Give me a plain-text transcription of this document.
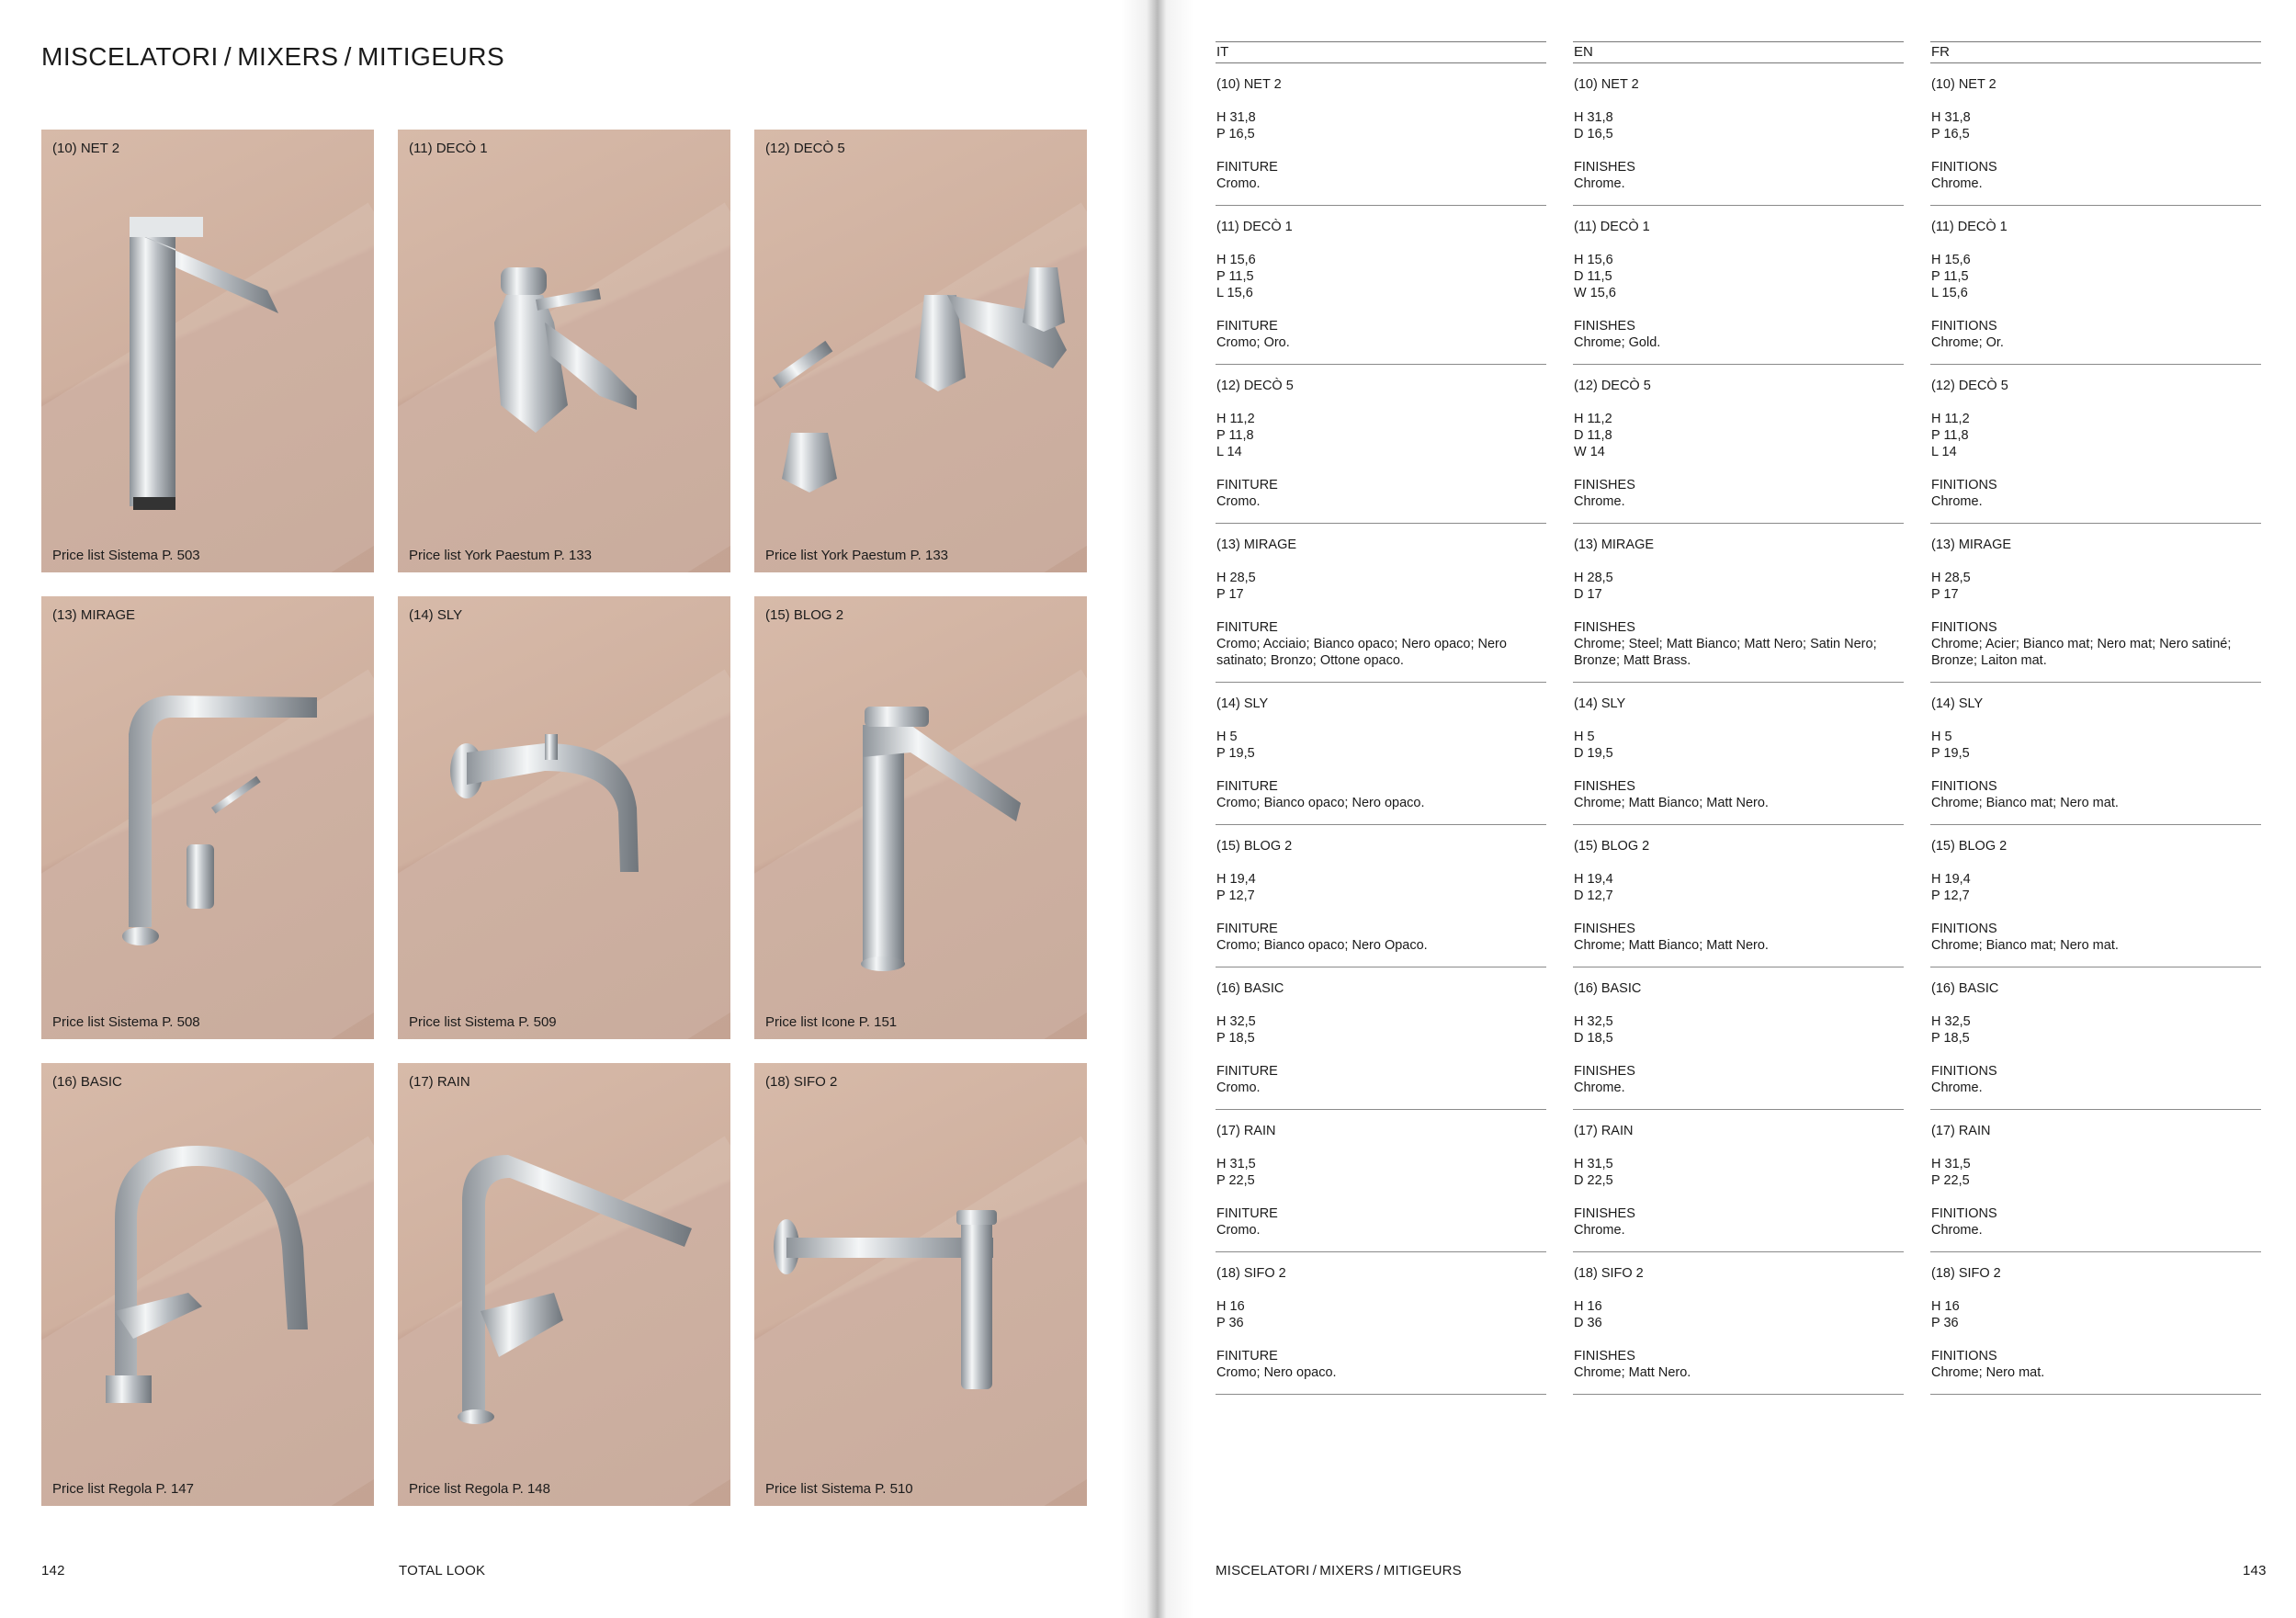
MISCELATORI / MIXERS / MITIGEURS
(10) NET 2
Price list Sistema P. 503
(11) DECÒ 1
Price list York Paestum P. 133
(12) DECÒ 5
Price list York Paestum P. 133
(13) MIRAGE
Price list Sistema P. 508
(14) SLY
Price list Sistema P. 509
(15) BLOG 2
Price list Icone P. 151
(16) BASIC
Price list Regola P. 147
(17) RAIN
Price list Regola P. 148
(18) SIFO 2
Price list Sistema P. 510
142	TOTAL LOOK	MISCELATORI / MIXERS / MITIGEURS	143
IT
(10) NET 2
H 31,8
P 16,5
FINITURE
Cromo.
(11) DECÒ 1
H 15,6
P 11,5
L 15,6
FINITURE
Cromo; Oro.
(12) DECÒ 5
H 11,2
P 11,8
L 14
FINITURE
Cromo.
(13) MIRAGE
H 28,5
P 17
FINITURE
Cromo; Acciaio; Bianco opaco; Nero opaco; Nero satinato; Bronzo; Ottone opaco.
(14) SLY
H 5
P 19,5
FINITURE
Cromo; Bianco opaco; Nero opaco.
(15) BLOG 2
H 19,4
P 12,7
FINITURE
Cromo; Bianco opaco; Nero Opaco.
(16) BASIC
H 32,5
P 18,5
FINITURE
Cromo.
(17) RAIN
H 31,5
P 22,5
FINITURE
Cromo.
(18) SIFO 2
H 16
P 36
FINITURE
Cromo; Nero opaco.
EN
(10) NET 2
H 31,8
D 16,5
FINISHES
Chrome.
(11) DECÒ 1
H 15,6
D 11,5
W 15,6
FINISHES
Chrome; Gold.
(12) DECÒ 5
H 11,2
D 11,8
W 14
FINISHES
Chrome.
(13) MIRAGE
H 28,5
D 17
FINISHES
Chrome; Steel; Matt Bianco; Matt Nero; Satin Nero; Bronze; Matt Brass.
(14) SLY
H 5
D 19,5
FINISHES
Chrome; Matt Bianco; Matt Nero.
(15) BLOG 2
H 19,4
D 12,7
FINISHES
Chrome; Matt Bianco; Matt Nero.
(16) BASIC
H 32,5
D 18,5
FINISHES
Chrome.
(17) RAIN
H 31,5
D 22,5
FINISHES
Chrome.
(18) SIFO 2
H 16
D 36
FINISHES
Chrome; Matt Nero.
FR
(10) NET 2
H 31,8
P 16,5
FINITIONS
Chrome.
(11) DECÒ 1
H 15,6
P 11,5
L 15,6
FINITIONS
Chrome; Or.
(12) DECÒ 5
H 11,2
P 11,8
L 14
FINITIONS
Chrome.
(13) MIRAGE
H 28,5
P 17
FINITIONS
Chrome; Acier; Bianco mat; Nero mat; Nero satiné; Bronze; Laiton mat.
(14) SLY
H 5
P 19,5
FINITIONS
Chrome; Bianco mat; Nero mat.
(15) BLOG 2
H 19,4
P 12,7
FINITIONS
Chrome; Bianco mat; Nero mat.
(16) BASIC
H 32,5
P 18,5
FINITIONS
Chrome.
(17) RAIN
H 31,5
P 22,5
FINITIONS
Chrome.
(18) SIFO 2
H 16
P 36
FINITIONS
Chrome; Nero mat.
